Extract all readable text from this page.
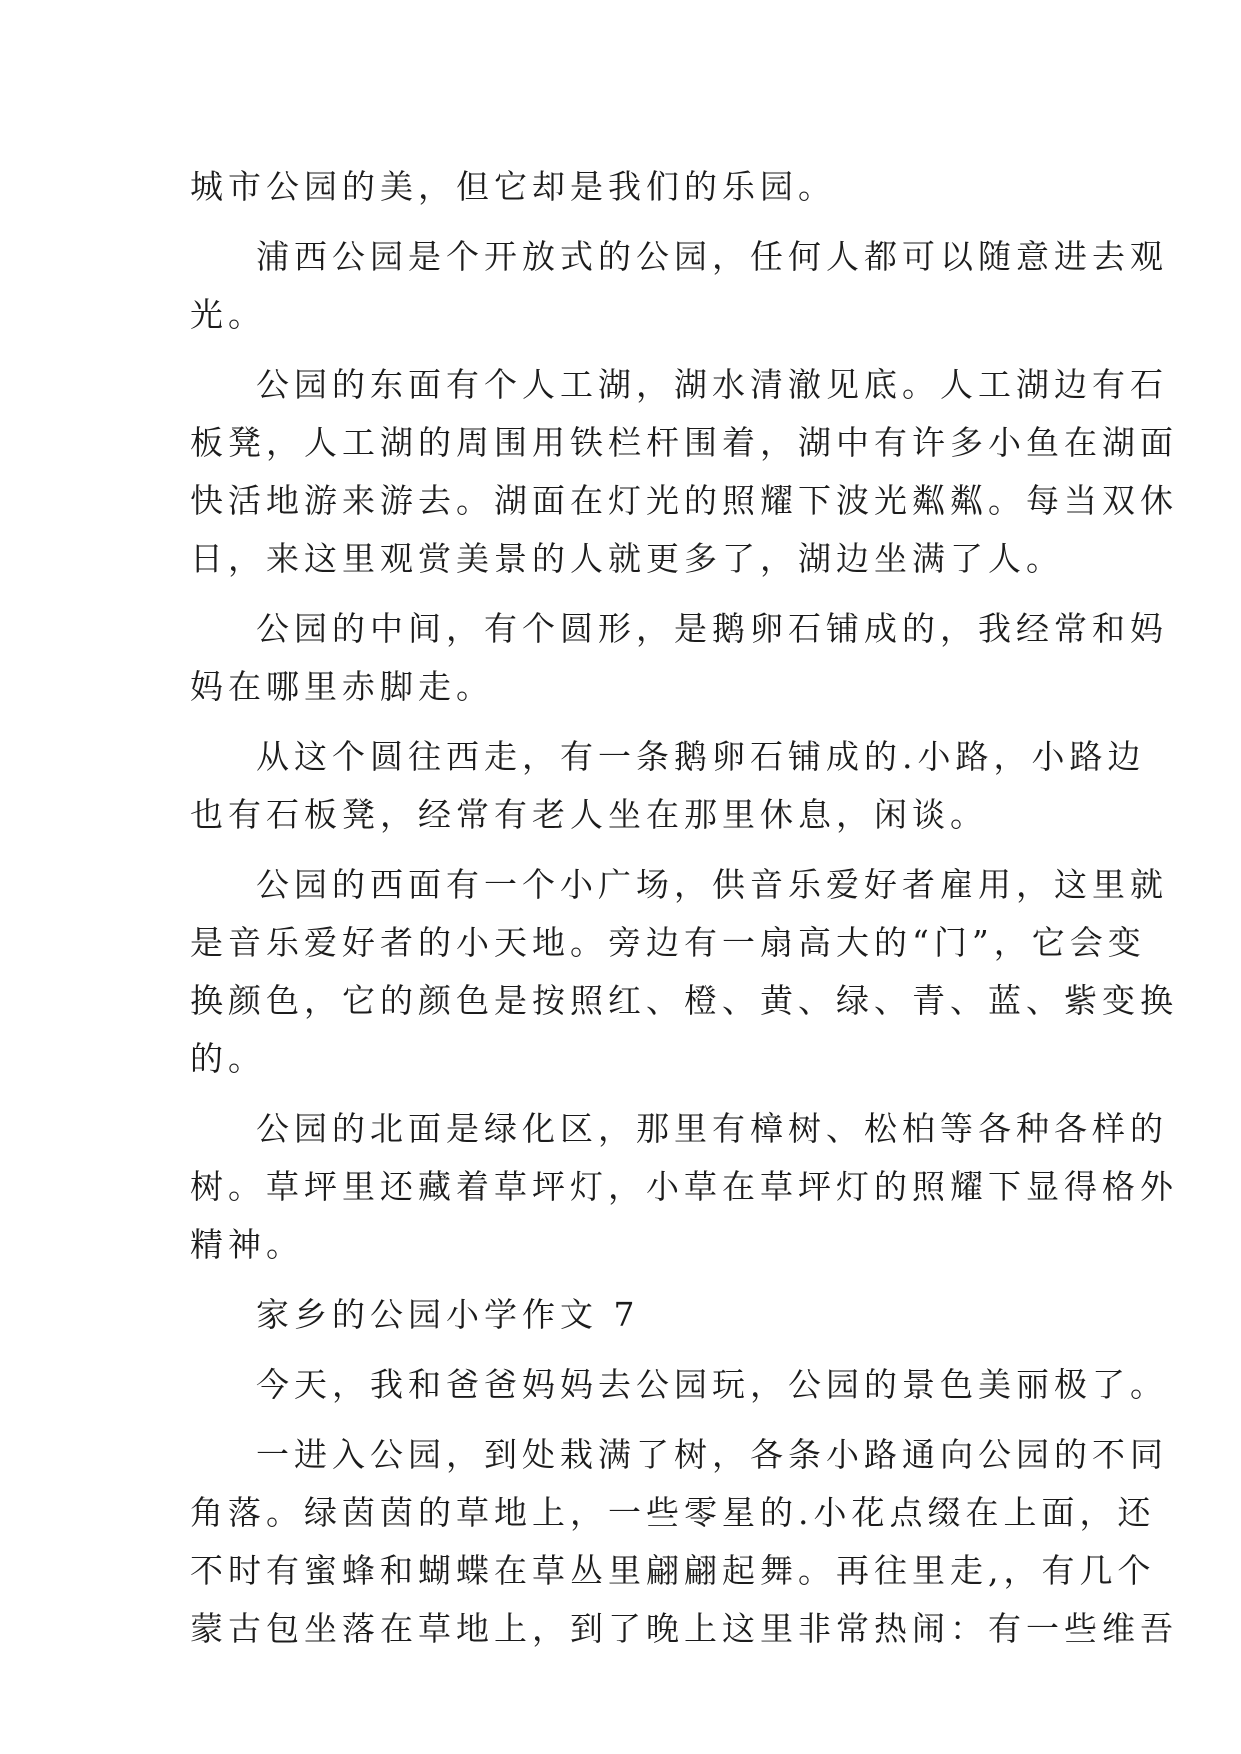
城市公园的美，但它却是我们的乐园。
浦西公园是个开放式的公园，任何人都可以随意进去观
光。
公园的东面有个人工湖，湖水清澈见底。人工湖边有石
板凳，人工湖的周围用铁栏杆围着，湖中有许多小鱼在湖面
快活地游来游去。湖面在灯光的照耀下波光粼粼。每当双休
日，来这里观赏美景的人就更多了，湖边坐满了人。
公园的中间，有个圆形，是鹅卵石铺成的，我经常和妈
妈在哪里赤脚走。
从这个圆往西走，有一条鹅卵石铺成的.小路，小路边
也有石板凳，经常有老人坐在那里休息，闲谈。
公园的西面有一个小广场，供音乐爱好者雇用，这里就
是音乐爱好者的小天地。旁边有一扇高大的“门”，它会变
换颜色，它的颜色是按照红、橙、黄、绿、青、蓝、紫变换
的。
公园的北面是绿化区，那里有樟树、松柏等各种各样的
树。草坪里还藏着草坪灯，小草在草坪灯的照耀下显得格外
精神。
家乡的公园小学作文 7
今天，我和爸爸妈妈去公园玩，公园的景色美丽极了。
一进入公园，到处栽满了树，各条小路通向公园的不同
角落。绿茵茵的草地上，一些零星的.小花点缀在上面，还
不时有蜜蜂和蝴蝶在草丛里翩翩起舞。再往里走,，有几个
蒙古包坐落在草地上，到了晚上这里非常热闹：有一些维吾
